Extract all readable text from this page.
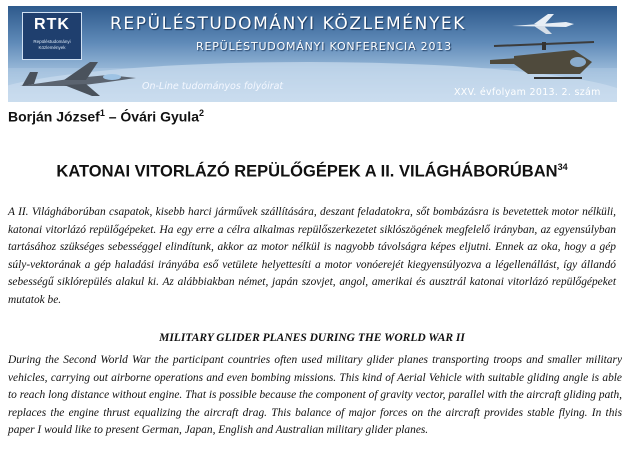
RTK
Repüléstudományi Közlemények
REPÜLÉSTUDOMÁNYI KÖZLEMÉNYEK
REPÜLÉSTUDOMÁNYI KONFERENCIA 2013
On-Line tudományos folyóirat
XXV. évfolyam 2013. 2. szám
Borján József$^1$ – Óvári Gyula$^2$
KATONAI VITORLÁZÓ REPÜLŐGÉPEK A II. VILÁGHÁBORÚBAN$^{34}$

A II. Világháborúban csapatok, kisebb harci járművek szállítására, deszant feladatokra, sőt bombázásra is bevetettek motor nélküli, katonai vitorlázó repülőgépeket. Ha egy erre a célra alkalmas repülőszerkezetet siklószögének megfelelő irányban, az egyensúlyban tartásához szükséges sebességgel elindítunk, akkor az motor nélkül is nagyobb távolságra képes eljutni. Ennek az oka, hogy a gép súly-vektorának a gép haladási irányába eső vetülete helyettesíti a motor vonóerejét kiegyensúlyozva a légellenállást, így állandó sebességű siklórepülés alakul ki. Az alábbiakban német, japán szovjet, angol, amerikai és ausztrál katonai vitorlázó repülőgépeket mutatok be.

MILITARY GLIDER PLANES DURING THE WORLD WAR II

During the Second World War the participant countries often used military glider planes transporting troops and smaller military vehicles, carrying out airborne operations and even bombing missions. This kind of Aerial Vehicle with suitable gliding angle is able to reach long distance without engine. That is possible because the component of gravity vector, parallel with the aircraft gliding path, replaces the engine thrust equalizing the aircraft drag. This balance of major forces on the aircraft provides stable flying. In this paper I would like to present German, Japan, English and Australian military glider planes.
